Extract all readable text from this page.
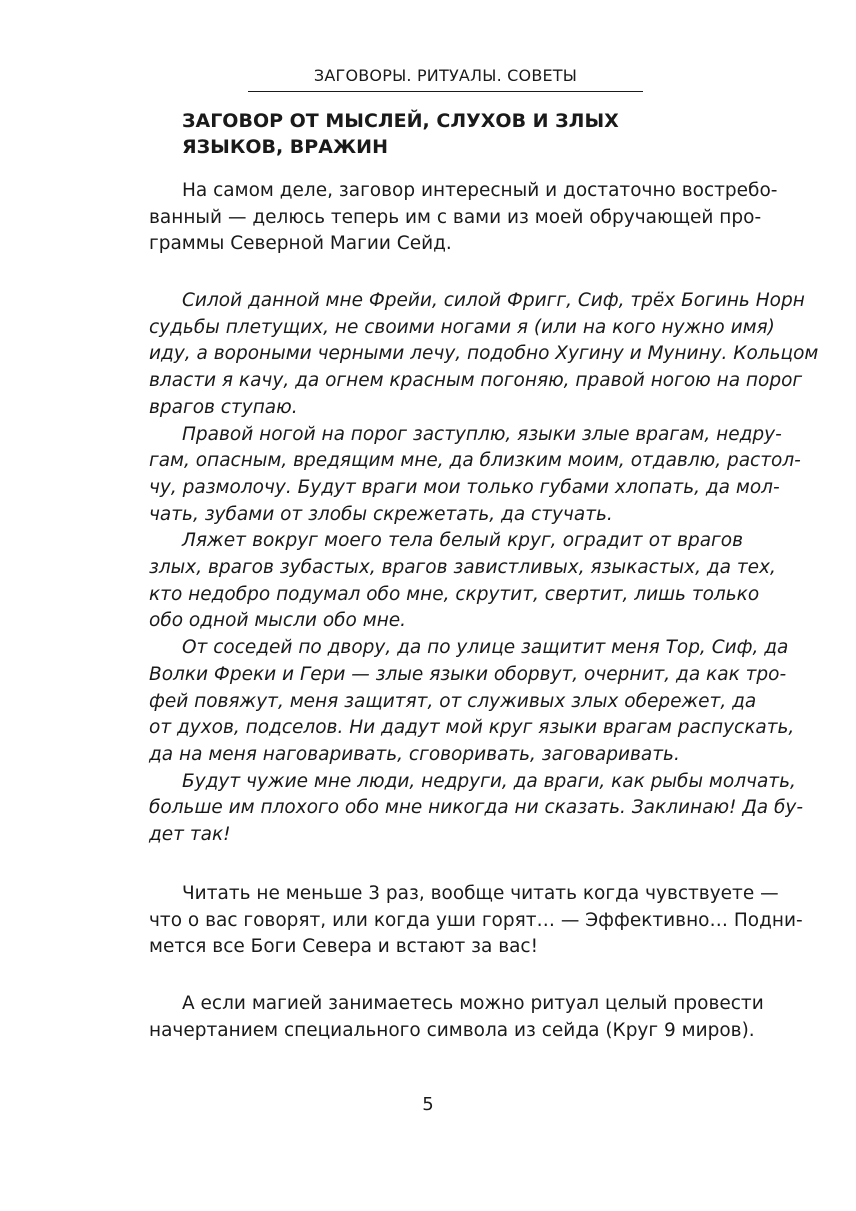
ЗАГОВОРЫ. РИТУАЛЫ. СОВЕТЫ
ЗАГОВОР ОТ МЫСЛЕЙ, СЛУХОВ И ЗЛЫХ
ЯЗЫКОВ, ВРАЖИН
На самом деле, заговор интересный и достаточно востребо-
ванный — делюсь теперь им с вами из моей обручающей про-
граммы Северной Магии Сейд.
Силой данной мне Фрейи, силой Фригг, Сиф, трёх Богинь Норн
судьбы плетущих, не своими ногами я (или на кого нужно имя)
иду, а вороными черными лечу, подобно Хугину и Мунину. Кольцом
власти я качу, да огнем красным погоняю, правой ногою на порог
врагов ступаю.
Правой ногой на порог заступлю, языки злые врагам, недру-
гам, опасным, вредящим мне, да близким моим, отдавлю, растол-
чу, размолочу. Будут враги мои только губами хлопать, да мол-
чать, зубами от злобы скрежетать, да стучать.
Ляжет вокруг моего тела белый круг, оградит от врагов
злых, врагов зубастых, врагов завистливых, языкастых, да тех,
кто недобро подумал обо мне, скрутит, свертит, лишь только
обо одной мысли обо мне.
От соседей по двору, да по улице защитит меня Тор, Сиф, да
Волки Фреки и Гери — злые языки оборвут, очернит, да как тро-
фей повяжут, меня защитят, от служивых злых обережет, да
от духов, подселов. Ни дадут мой круг языки врагам распускать,
да на меня наговаривать, сговоривать, заговаривать.
Будут чужие мне люди, недруги, да враги, как рыбы молчать,
больше им плохого обо мне никогда ни сказать. Заклинаю! Да бу-
дет так!
Читать не меньше 3 раз, вообще читать когда чувствуете —
что о вас говорят, или когда уши горят… — Эффективно… Подни-
мется все Боги Севера и встают за вас!
А если магией занимаетесь можно ритуал целый провести
начертанием специального символа из сейда (Круг 9 миров).
5
